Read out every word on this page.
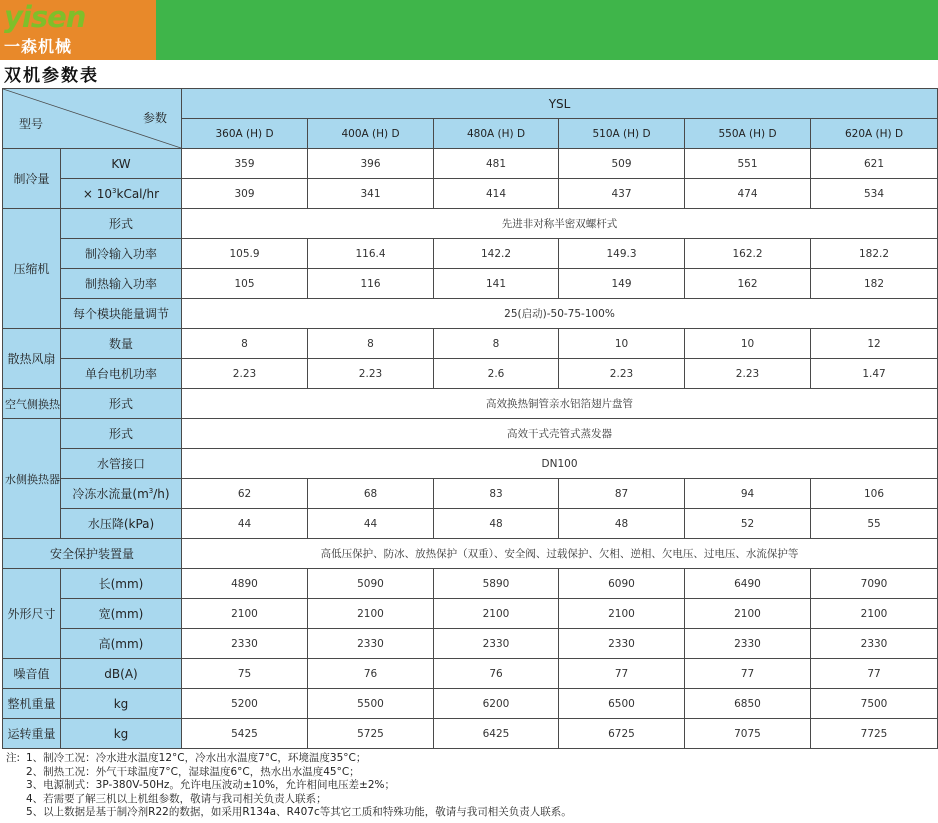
yisen
一森机械
双机参数表
型号 参数		YSL					
		360A (H) D	400A (H) D	480A (H) D	510A (H) D	550A (H) D	620A (H) D
制冷量	KW	359	396	481	509	551	621
	× $10^3kCal/hr$	309	341	414	437	474	534
压缩机	形式	先进非对称半密双螺杆式					
	制冷输入功率	105.9	116.4	142.2	149.3	162.2	182.2
	制热输入功率	105	116	141	149	162	182
	每个模块能量调节	25(启动)-50-75-100%					
散热风扇	数量	8	8	8	10	10	12
	单台电机功率	2.23	2.23	2.6	2.23	2.23	1.47
空气侧换热	形式	高效换热铜管亲水铝箔翅片盘管					
水侧换热器	形式	高效干式壳管式蒸发器					
	水管接口	DN100					
	冷冻水流量$(m^3/h)$	62	68	83	87	94	106
	水压降(kPa)	44	44	48	48	52	55
安全保护装置量		高低压保护、防冰、放热保护（双重）、安全阀、过载保护、欠相、逆相、欠电压、过电压、水流保护等					
外形尺寸	长(mm)	4890	5090	5890	6090	6490	7090
	宽(mm)	2100	2100	2100	2100	2100	2100
	高(mm)	2330	2330	2330	2330	2330	2330
噪音值	dB(A)	75	76	76	77	77	77
整机重量	kg	5200	5500	6200	6500	6850	7500
运转重量	kg	5425	5725	6425	6725	7075	7725
注: 1、制冷工况：冷水进水温度12°C，冷水出水温度7°C，环境温度35°C；
2、制热工况：外气干球温度7°C，湿球温度6°C，热水出水温度45°C；
3、电源制式：3P-380V-50Hz。允许电压波动±10%，允许相间电压差±2%；
4、若需要了解三机以上机组参数，敬请与我司相关负责人联系；
5、以上数据是基于制冷剂R22的数据，如采用R134a、R407c等其它工质和特殊功能，敬请与我司相关负责人联系。
